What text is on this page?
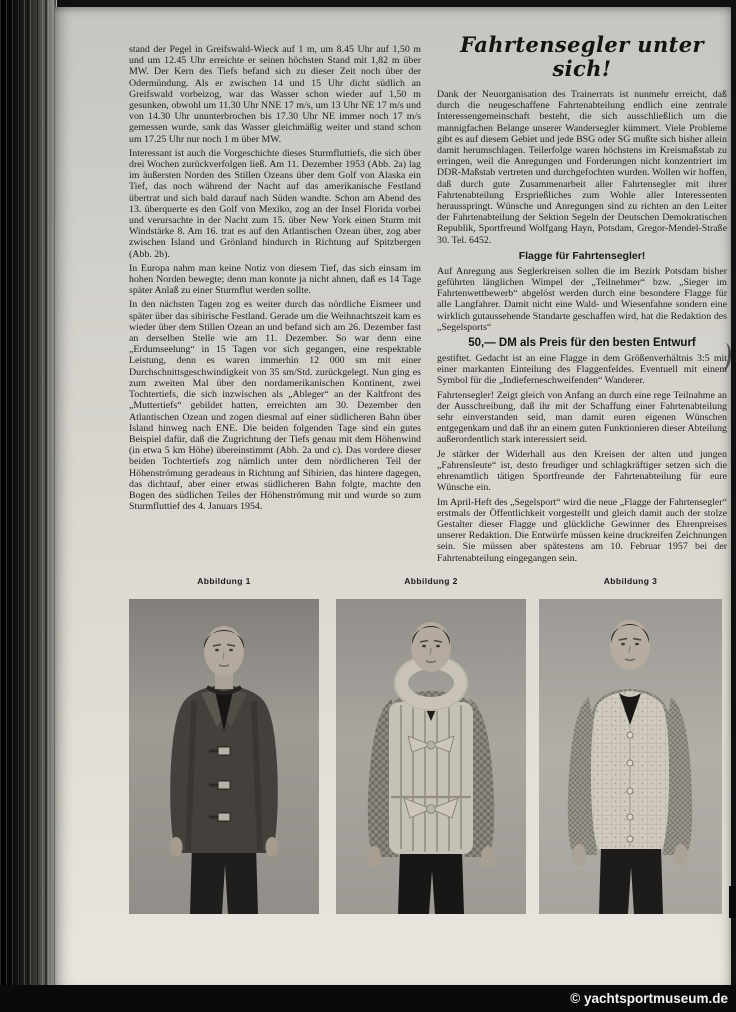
stand der Pegel in Greifswald-Wieck auf 1 m, um 8.45 Uhr auf 1,50 m und um 12.45 Uhr erreichte er seinen höchsten Stand mit 1,82 m über MW. Der Kern des Tiefs befand sich zu dieser Zeit noch über der Odermündung. Als er zwischen 14 und 15 Uhr dicht südlich an Greifswald vorbeizog, war das Wasser schon wieder auf 1,50 m gesunken, obwohl um 11.30 Uhr NNE 17 m/s, um 13 Uhr NE 17 m/s und von 14.30 Uhr ununterbrochen bis 17.30 Uhr NE immer noch 17 m/s gemessen wurde, sank das Wasser gleichmäßig weiter und stand schon um 17.25 Uhr nur noch 1 m über MW.

Interessant ist auch die Vorgeschichte dieses Sturmfluttiefs, die sich über drei Wochen zurückverfolgen ließ. Am 11. Dezember 1953 (Abb. 2a) lag im äußersten Norden des Stillen Ozeans über dem Golf von Alaska ein Tief, das noch während der Nacht auf das amerikanische Festland übertrat und sich bald darauf nach Süden wandte. Schon am Abend des 13. überquerte es den Golf von Mexiko, zog an der Insel Florida vorbei und verursachte in der Nacht zum 15. über New York einen Sturm mit Windstärke 8. Am 16. trat es auf den Atlantischen Ozean über, zog aber zwischen Island und Grönland hindurch in Richtung auf Spitzbergen (Abb. 2b).

In Europa nahm man keine Notiz von diesem Tief, das sich einsam im hohen Norden bewegte; denn man konnte ja nicht ahnen, daß es 14 Tage später Anlaß zu einer Sturmflut werden sollte.

In den nächsten Tagen zog es weiter durch das nördliche Eismeer und später über das sibirische Festland. Gerade um die Weihnachtszeit kam es wieder über dem Stillen Ozean an und befand sich am 26. Dezember fast an derselben Stelle wie am 11. Dezember. So war denn eine „Erdumseelung“ in 15 Tagen vor sich gegangen, eine respektable Leistung, denn es waren immerhin 12 000 sm mit einer Durchschnittsgeschwindigkeit von 35 sm/Std. zurückgelegt. Nun ging es zum zweiten Mal über den nordamerikanischen Kontinent, zwei Tochtertiefs, die sich inzwischen als „Ableger“ an der Kaltfront des „Muttertiefs“ gebildet hatten, erreichten am 30. Dezember den Atlantischen Ozean und zogen diesmal auf einer südlicheren Bahn über Island hinweg nach ENE. Die beiden folgenden Tage sind ein gutes Beispiel dafür, daß die Zugrichtung der Tiefs genau mit dem Höhenwind (in etwa 5 km Höhe) übereinstimmt (Abb. 2a und c). Das vordere dieser beiden Tochtertiefs zog nämlich unter dem nördlicheren Teil der Höhenströmung geradeaus in Richtung auf Sibirien, das hintere dagegen, das dichtauf, aber einer etwas südlicheren Bahn folgte, machte den Bogen des südlichen Teiles der Höhenströmung mit und wurde so zum Sturmfluttief des 4. Januars 1954.

Fahrtensegler unter sich!

Dank der Neuorganisation des Trainerrats ist nunmehr erreicht, daß durch die neugeschaffene Fahrtenabteilung endlich eine zentrale Interessengemeinschaft besteht, die sich ausschließlich um die mannigfachen Belange unserer Wandersegler kümmert. Viele Probleme gibt es auf diesem Gebiet und jede BSG oder SG mußte sich bisher allein damit herumschlagen. Teilerfolge waren höchstens im Kreismaßstab zu erringen, weil die Anregungen und Forderungen nicht konzentriert im DDR-Maßstab vertreten und durchgefochten wurden. Wollen wir hoffen, daß durch gute Zusammenarbeit aller Fahrtensegler mit ihrer Fahrtenabteilung Ersprießliches zum Wohle aller Interessenten herausspringt. Wünsche und Anregungen sind zu richten an den Leiter der Fahrtenabteilung der Sektion Segeln der Deutschen Demokratischen Republik, Sportfreund Wolfgang Hayn, Potsdam, Gregor-Mendel-Straße 30. Tel. 6452.

Flagge für Fahrtensegler!

Auf Anregung aus Seglerkreisen sollen die im Bezirk Potsdam bisher geführten länglichen Wimpel der „Teilnehmer“ bzw. „Sieger im Fahrtenwettbewerb“ abgelöst werden durch eine besondere Flagge für alle Langfahrer. Damit nicht eine Wald- und Wiesenfahne sondern eine wirklich gutaussehende Standarte geschaffen wird, hat die Redaktion des „Segelsports“

50,— DM als Preis für den besten Entwurf

gestiftet. Gedacht ist an eine Flagge in dem Größenverhältnis 3:5 mit einer markanten Einteilung des Flaggenfeldes. Eventuell mit einem Symbol für die „Indieferneschweifenden“ Wanderer.

Fahrtensegler! Zeigt gleich von Anfang an durch eine rege Teilnahme an der Ausschreibung, daß ihr mit der Schaffung einer Fahrtenabteilung sehr einverstanden seid, man damit euren eigenen Wünschen entgegenkam und daß ihr an einem guten Funktionieren dieser Abteilung außerordentlich stark interessiert seid.

Je stärker der Widerhall aus den Kreisen der alten und jungen „Fahrensleute“ ist, desto freudiger und schlagkräftiger setzen sich die ehrenamtlich tätigen Sportfreunde der Fahrtenabteilung für eure Wünsche ein.

Im April-Heft des „Segelsport“ wird die neue „Flagge der Fahrtensegler“ erstmals der Öffentlichkeit vorgestellt und gleich damit auch der stolze Gestalter dieser Flagge und glückliche Gewinner des Ehrenpreises unserer Redaktion. Die Entwürfe müssen keine druckreifen Zeichnungen sein. Sie müssen aber spätestens am 10. Februar 1957 bei der Fahrtenabteilung eingegangen sein.

Abbildung 1	Abbildung 2	Abbildung 3
© yachtsportmuseum.de
